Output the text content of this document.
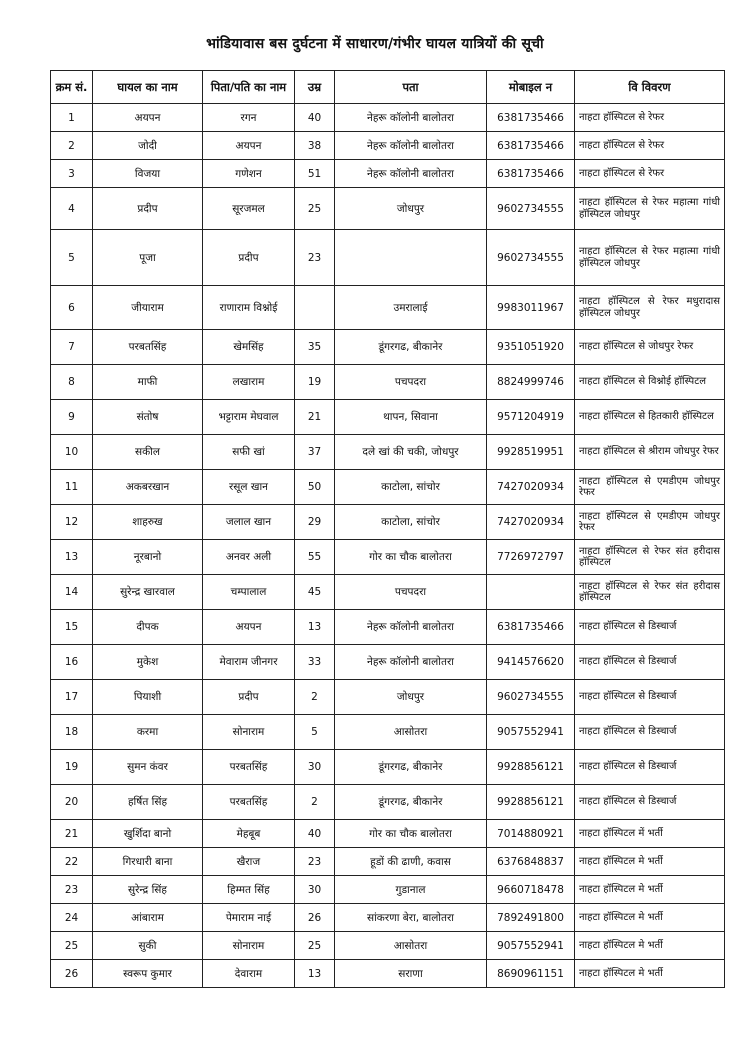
भांडियावास बस दुर्घटना में साधारण/गंभीर घायल यात्रियों की सूची
क्रम सं.	घायल का नाम	पिता/पति का नाम	उम्र	पता	मोबाइल न	वि विवरण
1	अयपन	रगन	40	नेहरू कॉलोनी बालोतरा	6381735466	नाहटा हॉस्पिटल से रेफर
2	जोदी	अयपन	38	नेहरू कॉलोनी बालोतरा	6381735466	नाहटा हॉस्पिटल से रेफर
3	विजया	गणेशन	51	नेहरू कॉलोनी बालोतरा	6381735466	नाहटा हॉस्पिटल से रेफर
4	प्रदीप	सूरजमल	25	जोधपुर	9602734555	नाहटा हॉस्पिटल से रेफर महात्मा गांधी हॉस्पिटल जोधपुर
5	पूजा	प्रदीप	23		9602734555	नाहटा हॉस्पिटल से रेफर महात्मा गांधी हॉस्पिटल जोधपुर
6	जीयाराम	राणाराम विश्नोई		उमरालाई	9983011967	नाहटा हॉस्पिटल से रेफर मधुरादास हॉस्पिटल जोधपुर
7	परबतसिंह	खेमसिंह	35	डूंगरगढ, बीकानेर	9351051920	नाहटा हॉस्पिटल से जोधपुर रेफर
8	माफी	लखाराम	19	पचपदरा	8824999746	नाहटा हॉस्पिटल से विश्नोई हॉस्पिटल
9	संतोष	भट्टाराम मेघवाल	21	थापन, सिवाना	9571204919	नाहटा हॉस्पिटल से हितकारी हॉस्पिटल
10	सकील	सफी खां	37	दले खां की चकी, जोधपुर	9928519951	नाहटा हॉस्पिटल से श्रीराम जोधपुर रेफर
11	अकबरखान	रसूल खान	50	काटोला, सांचोर	7427020934	नाहटा हॉस्पिटल से एमडीएम जोधपुर रेफर
12	शाहरुख	जलाल खान	29	काटोला, सांचोर	7427020934	नाहटा हॉस्पिटल से एमडीएम जोधपुर रेफर
13	नूरबानो	अनवर अली	55	गोर का चौक बालोतरा	7726972797	नाहटा हॉस्पिटल से रेफर संत हरीदास हॉस्पिटल
14	सुरेन्द्र खारवाल	चम्पालाल	45	पचपदरा		नाहटा हॉस्पिटल से रेफर संत हरीदास हॉस्पिटल
15	दीपक	अयपन	13	नेहरू कॉलोनी बालोतरा	6381735466	नाहटा हॉस्पिटल से डिस्चार्ज
16	मुकेश	मेवाराम जीनगर	33	नेहरू कॉलोनी बालोतरा	9414576620	नाहटा हॉस्पिटल से डिस्चार्ज
17	पियाशी	प्रदीप	2	जोधपुर	9602734555	नाहटा हॉस्पिटल से डिस्चार्ज
18	करमा	सोनाराम	5	आसोतरा	9057552941	नाहटा हॉस्पिटल से डिस्चार्ज
19	सुमन कंवर	परबतसिंह	30	डूंगरगढ, बीकानेर	9928856121	नाहटा हॉस्पिटल से डिस्चार्ज
20	हर्षित सिंह	परबतसिंह	2	डूंगरगढ, बीकानेर	9928856121	नाहटा हॉस्पिटल से डिस्चार्ज
21	खुर्शिदा बानो	मेहबूब	40	गोर का चौक बालोतरा	7014880921	नाहटा हॉस्पिटल में भर्ती
22	गिरधारी बाना	खैराज	23	हूडों की ढाणी, कवास	6376848837	नाहटा हॉस्पिटल मे भर्ती
23	सुरेन्द्र सिंह	हिम्मत सिंह	30	गुडानाल	9660718478	नाहटा हॉस्पिटल मे भर्ती
24	आंबाराम	पेमाराम नाई	26	सांकरणा बेरा, बालोतरा	7892491800	नाहटा हॉस्पिटल मे भर्ती
25	सुकी	सोनाराम	25	आसोतरा	9057552941	नाहटा हॉस्पिटल मे भर्ती
26	स्वरूप कुमार	देवाराम	13	सराणा	8690961151	नाहटा हॉस्पिटल मे भर्ती
